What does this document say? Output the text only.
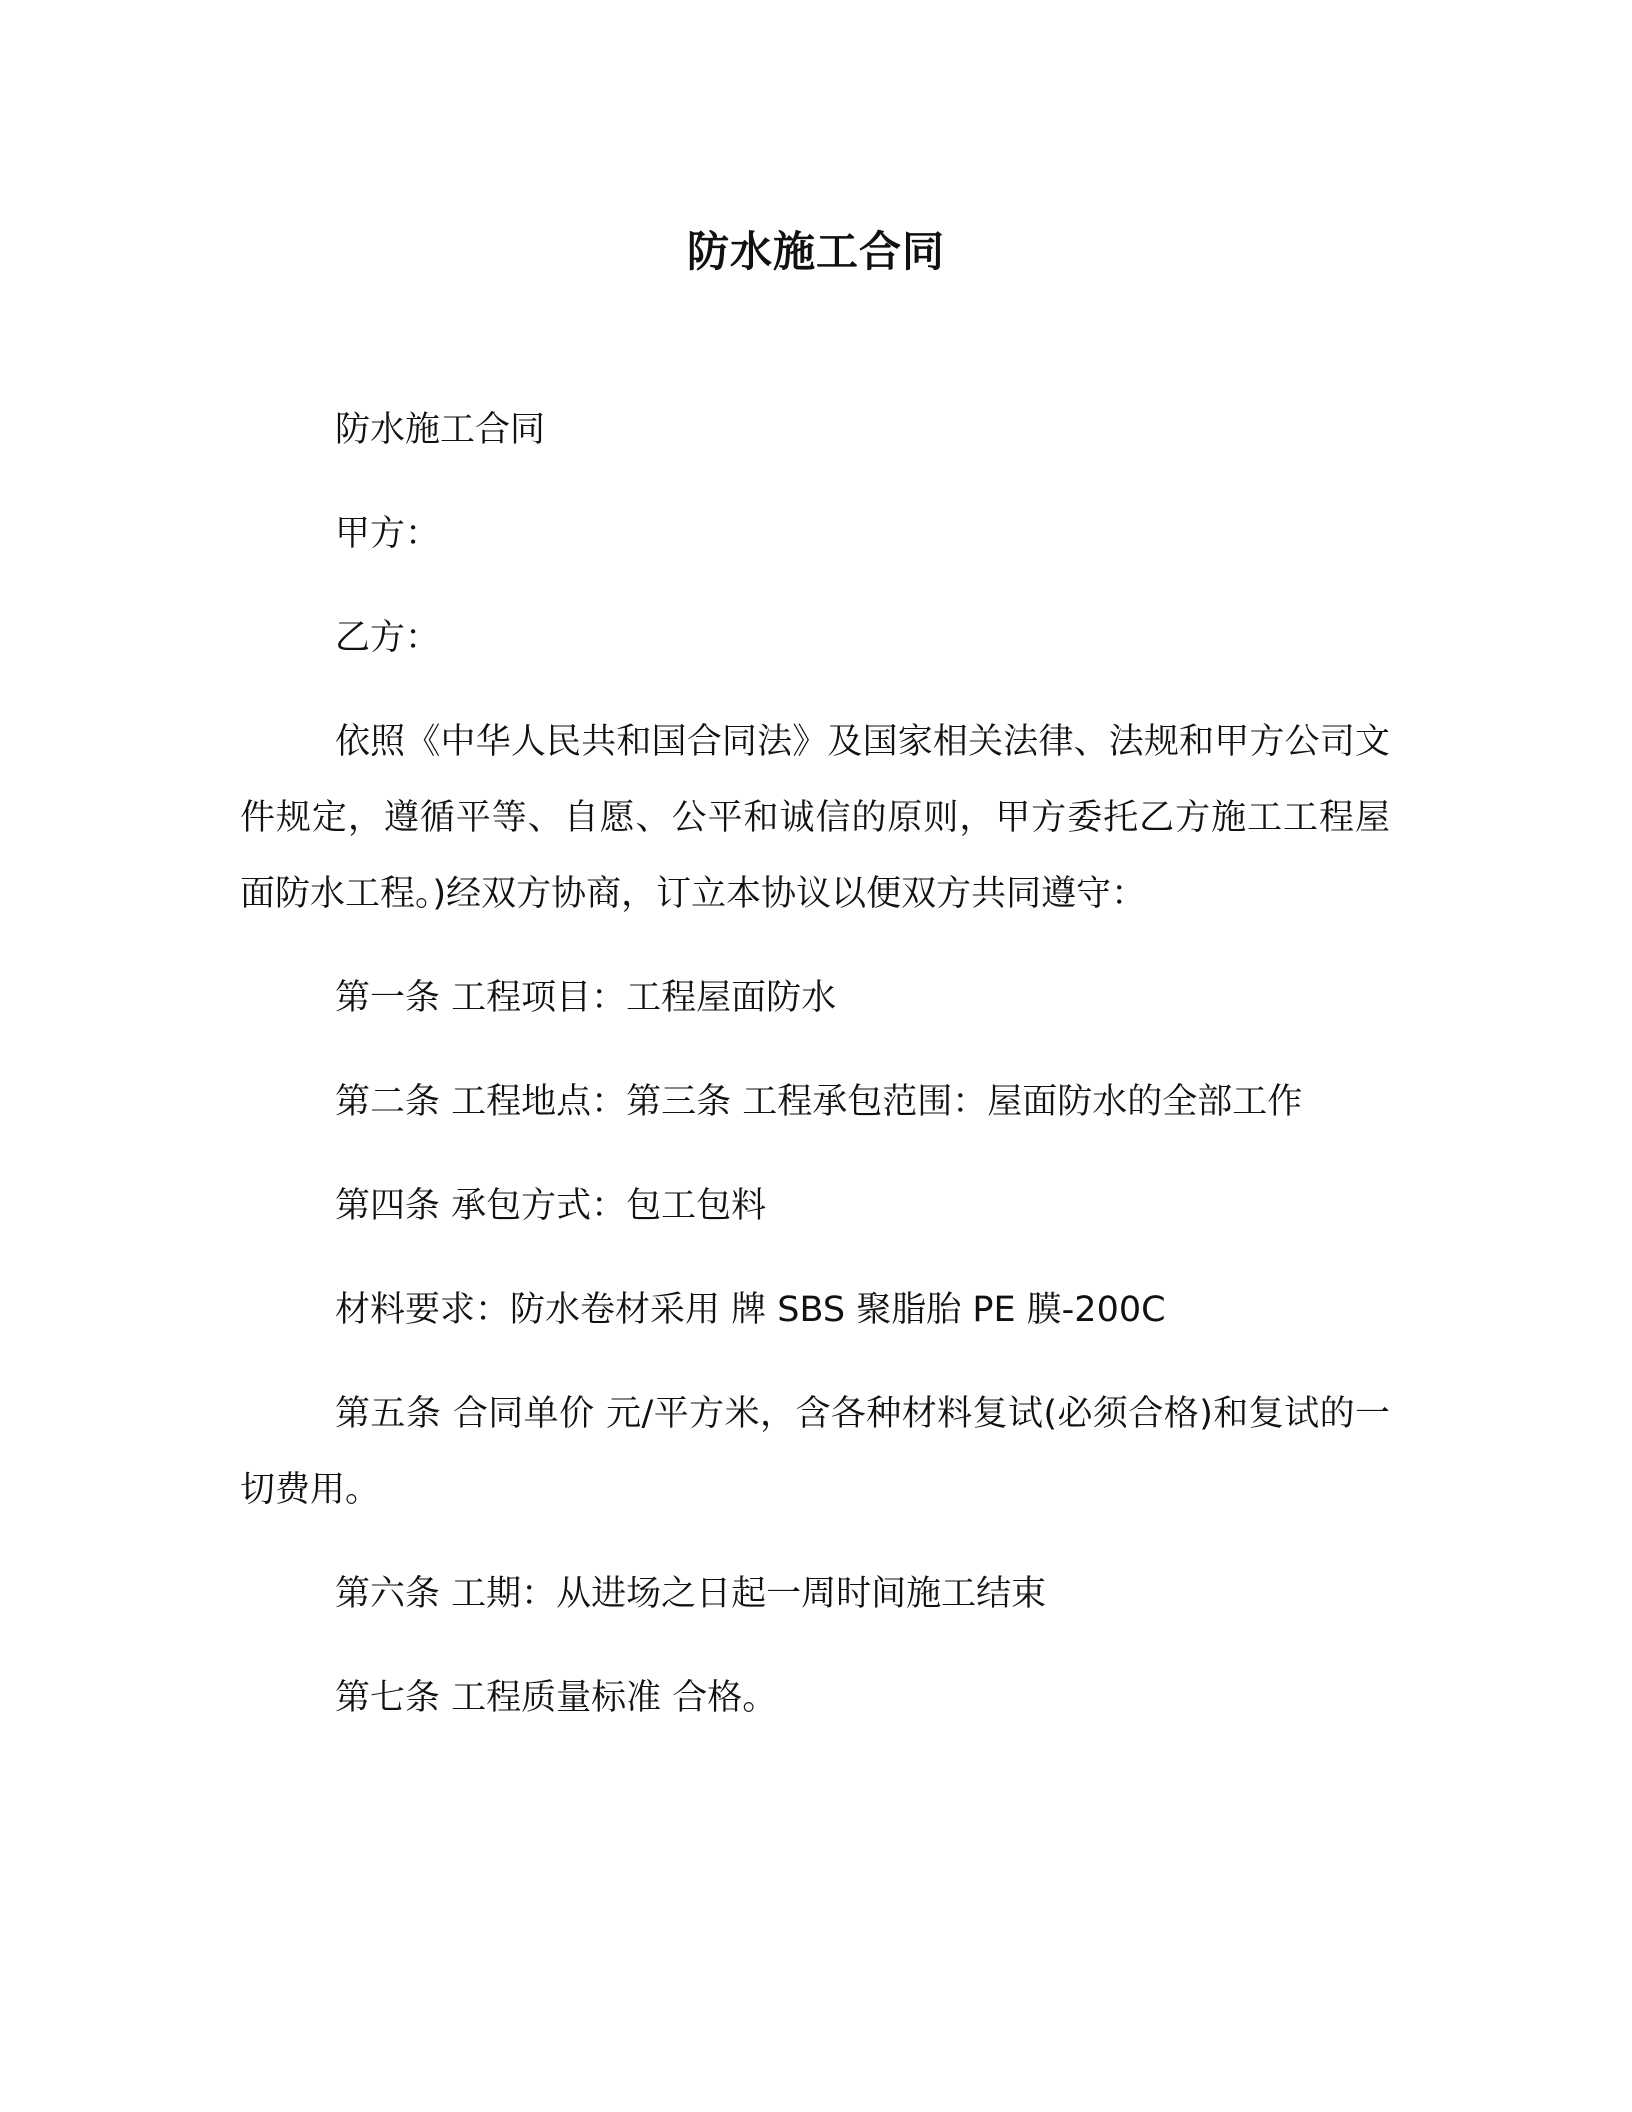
防水施工合同

防水施工合同

甲方：

乙方：

依照《中华人民共和国合同法》及国家相关法律、法规和甲方公司文件规定，遵循平等、自愿、公平和诚信的原则，甲方委托乙方施工工程屋面防水工程。)经双方协商，订立本协议以便双方共同遵守：

第一条 工程项目：工程屋面防水

第二条 工程地点：第三条 工程承包范围：屋面防水的全部工作

第四条 承包方式：包工包料

材料要求：防水卷材采用 牌 SBS 聚脂胎 PE 膜-200C

第五条 合同单价 元/平方米，含各种材料复试(必须合格)和复试的一切费用。

第六条 工期：从进场之日起一周时间施工结束

第七条 工程质量标准 合格。
